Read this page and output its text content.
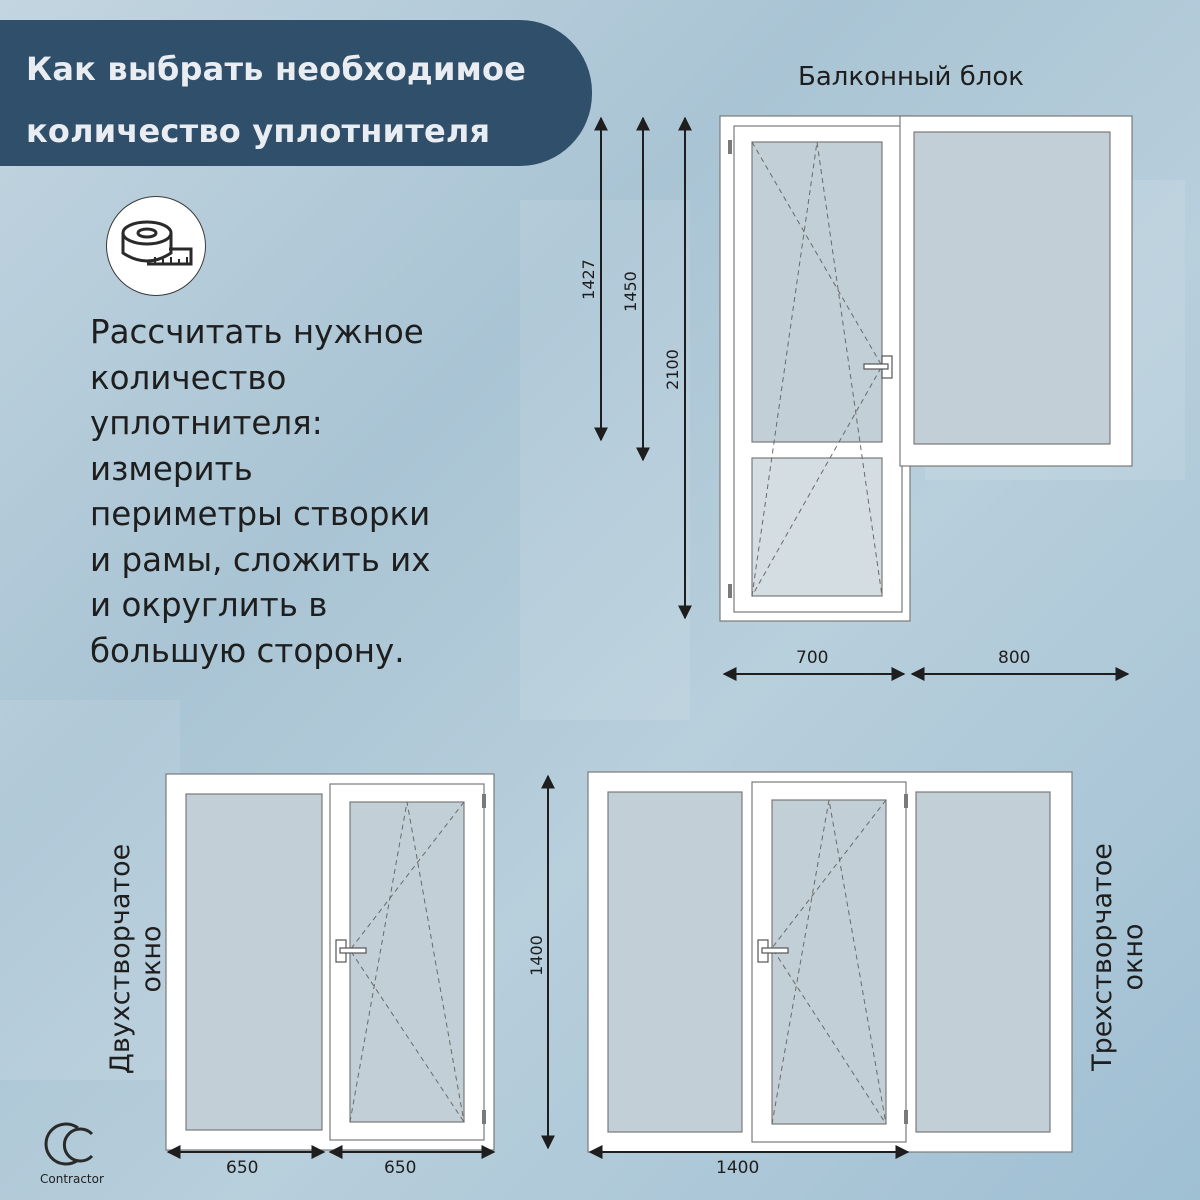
Как выбрать необходимое
количество уплотнителя
Рассчитать нужное
количество
уплотнителя:
измерить
периметры створки
и рамы, сложить их
и округлить в
большую сторону.
Балконный блок
1427 1450
2100
700	800
650	650
1400
1400
Двухстворчатое окно	Трехстворчатое окно
Contractor
